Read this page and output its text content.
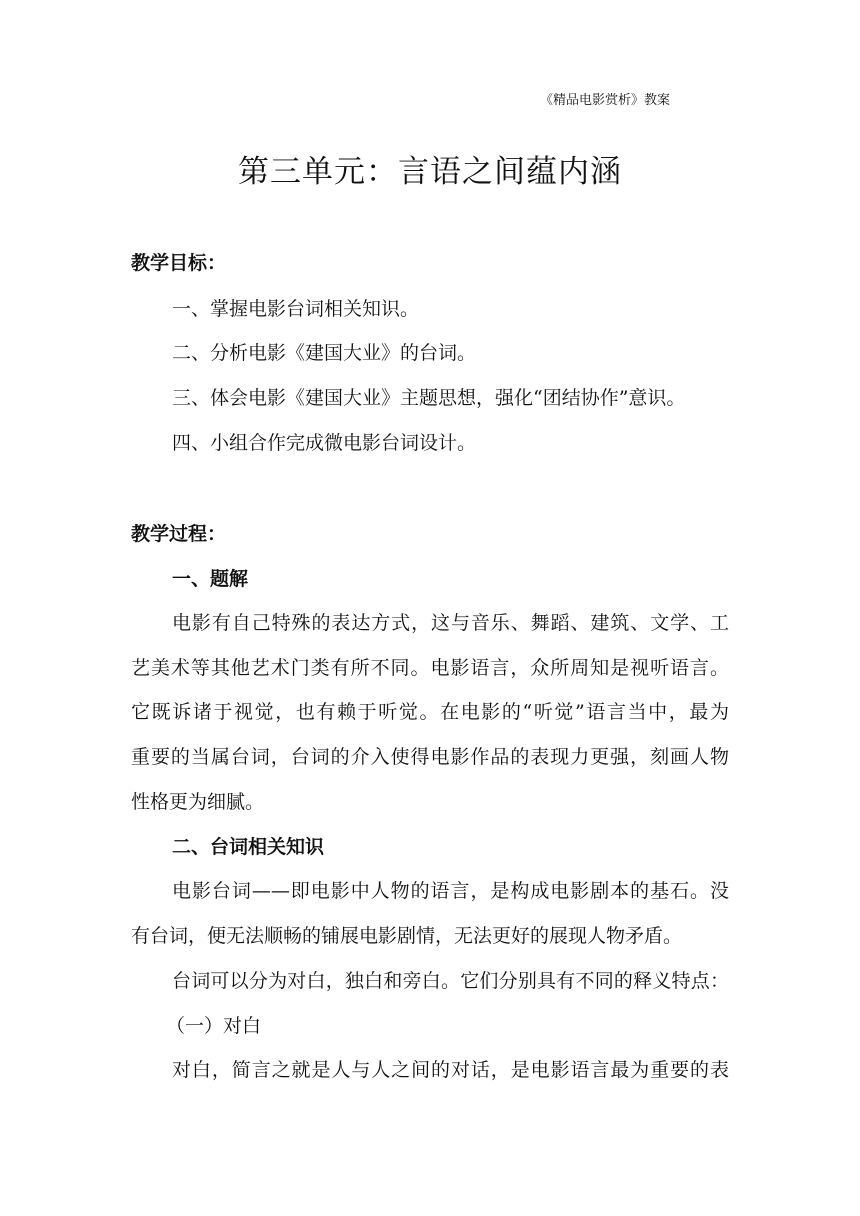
《精品电影赏析》教案
第三单元：言语之间蕴内涵
教学目标：
一、掌握电影台词相关知识。
二、分析电影《建国大业》的台词。
三、体会电影《建国大业》主题思想，强化“团结协作”意识。
四、小组合作完成微电影台词设计。
教学过程：
一、题解
电影有自己特殊的表达方式，这与音乐、舞蹈、建筑、文学、工
艺美术等其他艺术门类有所不同。电影语言，众所周知是视听语言。
它既诉诸于视觉，也有赖于听觉。在电影的“听觉”语言当中，最为
重要的当属台词，台词的介入使得电影作品的表现力更强，刻画人物
性格更为细腻。
二、台词相关知识
电影台词——即电影中人物的语言，是构成电影剧本的基石。没
有台词，便无法顺畅的铺展电影剧情，无法更好的展现人物矛盾。
台词可以分为对白，独白和旁白。它们分别具有不同的释义特点：
（一）对白
对白，简言之就是人与人之间的对话，是电影语言最为重要的表
